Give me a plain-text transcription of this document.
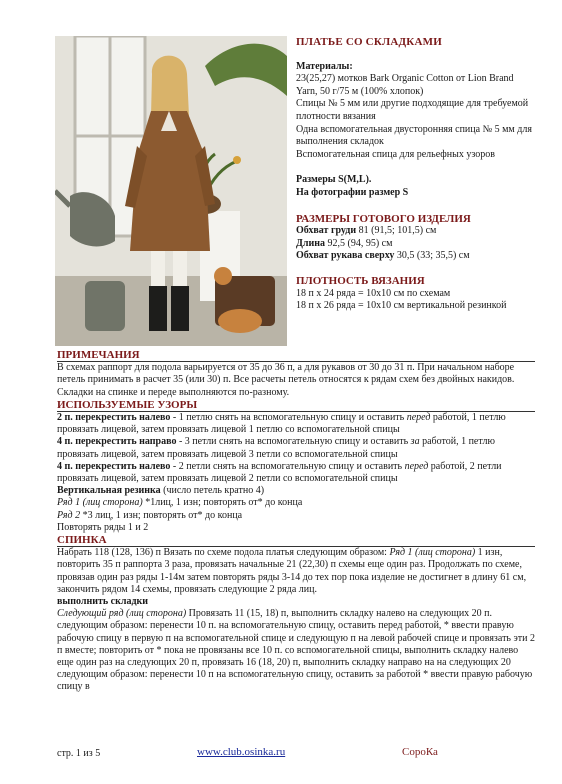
ПЛАТЬЕ СО СКЛАДКАМИ
Материалы:
23(25,27) мотков Bark Organic Cotton от Lion Brand Yarn, 50 г/75 м (100% хлопок)
Спицы № 5 мм или другие подходящие для требуемой плотности вязания
Одна вспомогательная двусторонняя спица № 5 мм для выполнения складок
Вспомогательная спица для рельефных узоров
Размеры S(M,L).
На фотографии размер S
РАЗМЕРЫ ГОТОВОГО ИЗДЕЛИЯ
Обхват груди 81 (91,5; 101,5) см
Длина 92,5 (94, 95) см
Обхват рукава сверху 30,5 (33; 35,5) см
ПЛОТНОСТЬ ВЯЗАНИЯ
18 п х 24 ряда = 10х10 см по схемам
18 п х 26 ряда = 10х10 см вертикальной резинкой
ПРИМЕЧАНИЯ

В схемах раппорт для подола варьируется от 35 до 36 п, а для рукавов от 30 до 31 п. При начальном наборе петель принимать в расчет 35 (или 30) п. Все расчеты петель относятся к рядам схем без двойных накидов.

Складки на спинке и переде выполняются по-разному.

ИСПОЛЬЗУЕМЫЕ УЗОРЫ

2 п. перекрестить налево - 1 петлю снять на вспомогательную спицу и оставить перед работой, 1 петлю провязать лицевой, затем провязать лицевой 1 петлю со вспомогательной спицы

4 п. перекрестить направо - 3 петли снять на вспомогательную спицу и оставить за работой, 1 петлю провязать лицевой, затем провязать лицевой 3 петли со вспомогательной спицы

4 п. перекрестить налево - 2 петли снять на вспомогательную спицу и оставить перед работой, 2 петли провязать лицевой, затем провязать лицевой 2 петли со вспомогательной спицы

Вертикальная резинка (число петель кратно 4)

Ряд 1 (лиц сторона) *1лиц, 1 изн; повторять от* до конца

Ряд 2 *3 лиц, 1 изн; повторять от* до конца

Повторять ряды 1 и 2

СПИНКА

Набрать 118 (128, 136) п Вязать по схеме подола платья следующим образом: Ряд 1 (лиц сторона) 1 изн, повторить 35 п раппорта 3 раза, провязать начальные 21 (22,30) п схемы еще один раз. Продолжать по схеме, провязав один раз ряды 1-14м затем повторять ряды 3-14 до тех пор пока изделие не достигнет в длину 61 см, закончить рядом 14 схемы, провязать следующие 2 ряда лиц.

выполнить складки

Следующий ряд (лиц сторона) Провязать 11 (15, 18) п, выполнить складку налево на следующих 20 п. следующим образом: перенести 10 п. на вспомогательную спицу, оставить перед работой, * ввести правую рабочую спицу в первую п на вспомогательной спице и следующую п на левой рабочей спице и провязать эти 2 п вместе; повторить от * пока не провязаны все 10 п. со вспомогательной спицы, выполнить складку налево еще один раз на следующих 20 п, провязать 16 (18, 20) п, выполнить складку направо на на следующих 20 следующим образом: перенести 10 п на вспомогательную спицу, оставить за работой * ввести правую рабочую спицу в

стр. 1 из 5	www.club.osinka.ru	СороКа
